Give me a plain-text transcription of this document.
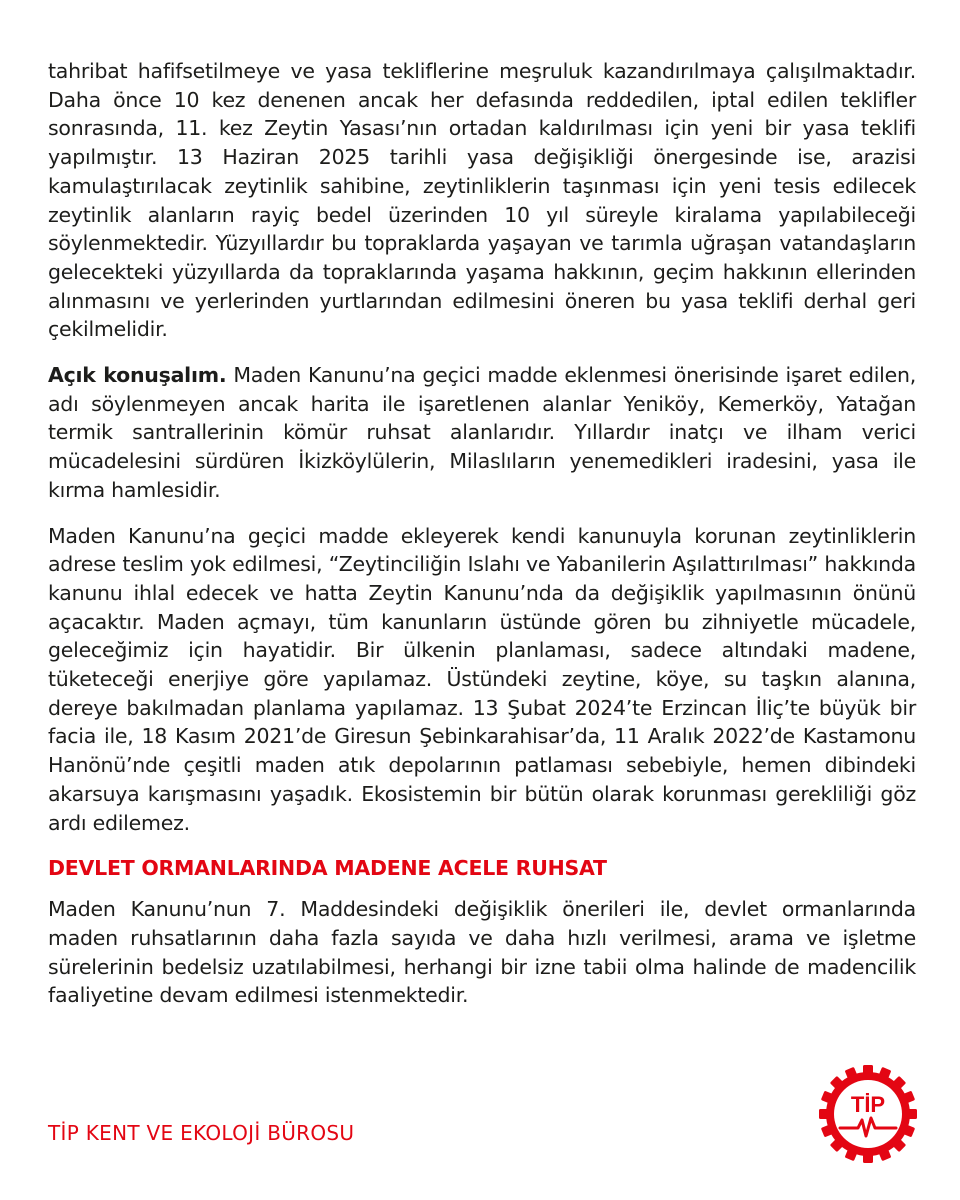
tahribat hafifsetilmeye ve yasa tekliflerine meşruluk kazandırılmaya çalışılmaktadır. Daha önce 10 kez denenen ancak her defasında reddedilen, iptal edilen teklifler sonrasında, 11. kez Zeytin Yasası’nın ortadan kaldırılması için yeni bir yasa teklifi yapılmıştır. 13 Haziran 2025 tarihli yasa değişikliği önergesinde ise, arazisi kamulaştırılacak zeytinlik sahibine, zeytinliklerin taşınması için yeni tesis edilecek zeytinlik alanların rayiç bedel üzerinden 10 yıl süreyle kiralama yapılabileceği söylenmektedir. Yüzyıllardır bu topraklarda yaşayan ve tarımla uğraşan vatandaşların gelecekteki yüzyıllarda da topraklarında yaşama hakkının, geçim hakkının ellerinden alınmasını ve yerlerinden yurtlarından edilmesini öneren bu yasa teklifi derhal geri çekilmelidir.

Açık konuşalım. Maden Kanunu’na geçici madde eklenmesi önerisinde işaret edilen, adı söylenmeyen ancak harita ile işaretlenen alanlar Yeniköy, Kemerköy, Yatağan termik santrallerinin kömür ruhsat alanlarıdır. Yıllardır inatçı ve ilham verici mücadelesini sürdüren İkizköylülerin, Milaslıların yenemedikleri iradesini, yasa ile kırma hamlesidir.

Maden Kanunu’na geçici madde ekleyerek kendi kanunuyla korunan zeytinliklerin adrese teslim yok edilmesi, “Zeytinciliğin Islahı ve Yabanilerin Aşılattırılması” hakkında kanunu ihlal edecek ve hatta Zeytin Kanunu’nda da değişiklik yapılmasının önünü açacaktır. Maden açmayı, tüm kanunların üstünde gören bu zihniyetle mücadele, geleceğimiz için hayatidir. Bir ülkenin planlaması, sadece altındaki madene, tüketeceği enerjiye göre yapılamaz. Üstündeki zeytine, köye, su taşkın alanına, dereye bakılmadan planlama yapılamaz. 13 Şubat 2024’te Erzincan İliç’te büyük bir facia ile, 18 Kasım 2021’de Giresun Şebinkarahisar’da, 11 Aralık 2022’de Kastamonu Hanönü’nde çeşitli maden atık depolarının patlaması sebebiyle, hemen dibindeki akarsuya karışmasını yaşadık. Ekosistemin bir bütün olarak korunması gerekliliği göz ardı edilemez.

DEVLET ORMANLARINDA MADENE ACELE RUHSAT

Maden Kanunu’nun 7. Maddesindeki değişiklik önerileri ile, devlet ormanlarında maden ruhsatlarının daha fazla sayıda ve daha hızlı verilmesi, arama ve işletme sürelerinin bedelsiz uzatılabilmesi, herhangi bir izne tabii olma halinde de madencilik faaliyetine devam edilmesi istenmektedir.

TİP KENT VE EKOLOJİ BÜROSU
TİP
